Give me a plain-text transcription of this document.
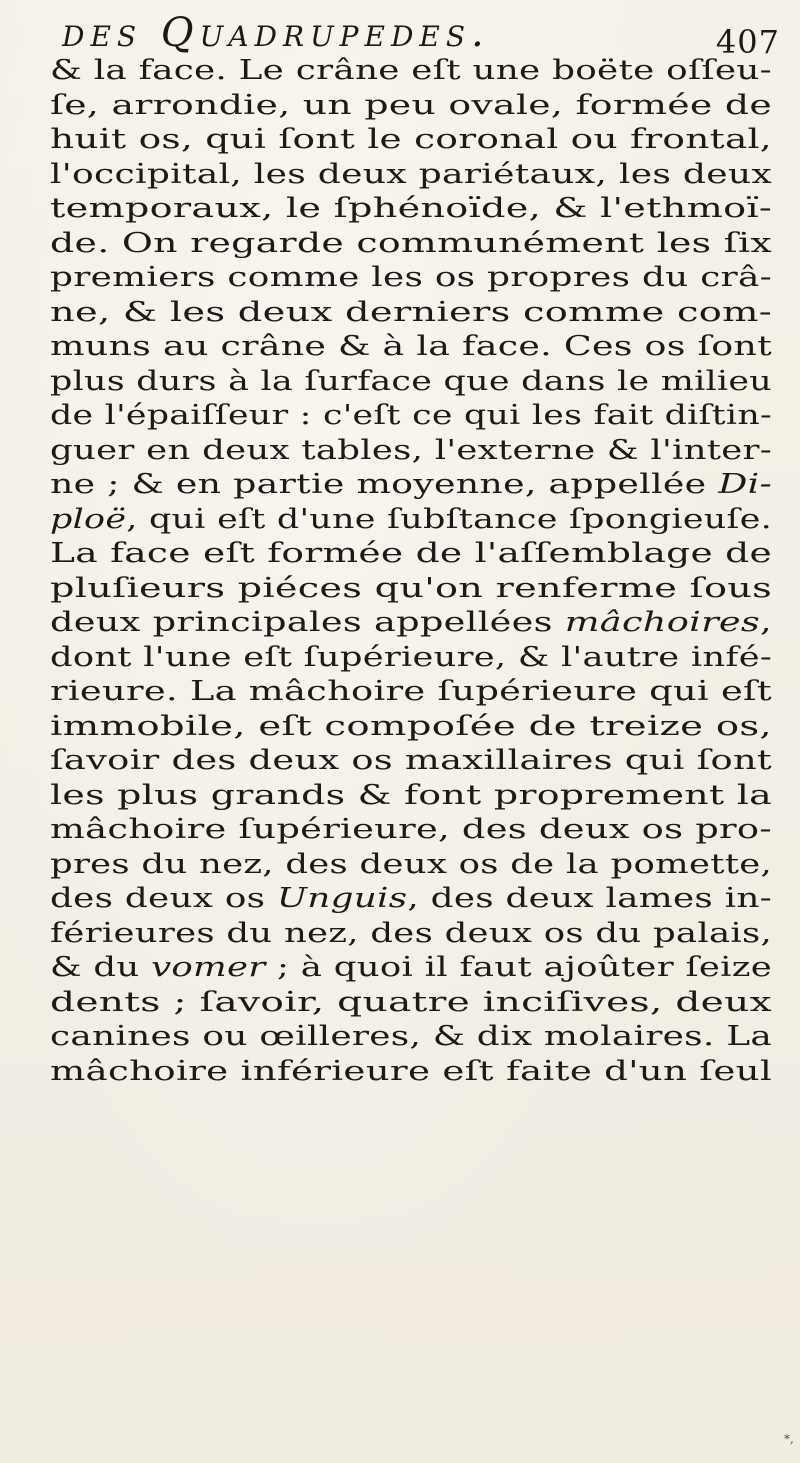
des Quadrupedes.	407
& la face. Le crâne eſt une boëte oſſeu-
ſe, arrondie, un peu ovale, formée de
huit os, qui ſont le coronal ou frontal,
l'occipital, les deux pariétaux, les deux
temporaux, le ſphénoïde, & l'ethmoï-
de. On regarde communément les ſix
premiers comme les os propres du crâ-
ne, & les deux derniers comme com-
muns au crâne & à la face. Ces os ſont
plus durs à la ſurface que dans le milieu
de l'épaiſſeur : c'eſt ce qui les fait diſtin-
guer en deux tables, l'externe & l'inter-
ne ; & en partie moyenne, appellée Di-
ploë, qui eſt d'une ſubſtance ſpongieuſe.
La face eſt formée de l'aſſemblage de
pluſieurs piéces qu'on renferme ſous
deux principales appellées mâchoires,
dont l'une eſt ſupérieure, & l'autre infé-
rieure. La mâchoire ſupérieure qui eſt
immobile, eſt compoſée de treize os,
ſavoir des deux os maxillaires qui ſont
les plus grands & font proprement la
mâchoire ſupérieure, des deux os pro-
pres du nez, des deux os de la pomette,
des deux os Unguis, des deux lames in-
férieures du nez, des deux os du palais,
& du vomer ; à quoi il faut ajoûter ſeize
dents ; ſavoir, quatre inciſives, deux
canines ou œilleres, & dix molaires. La
mâchoire inférieure eſt faite d'un ſeul
*,
